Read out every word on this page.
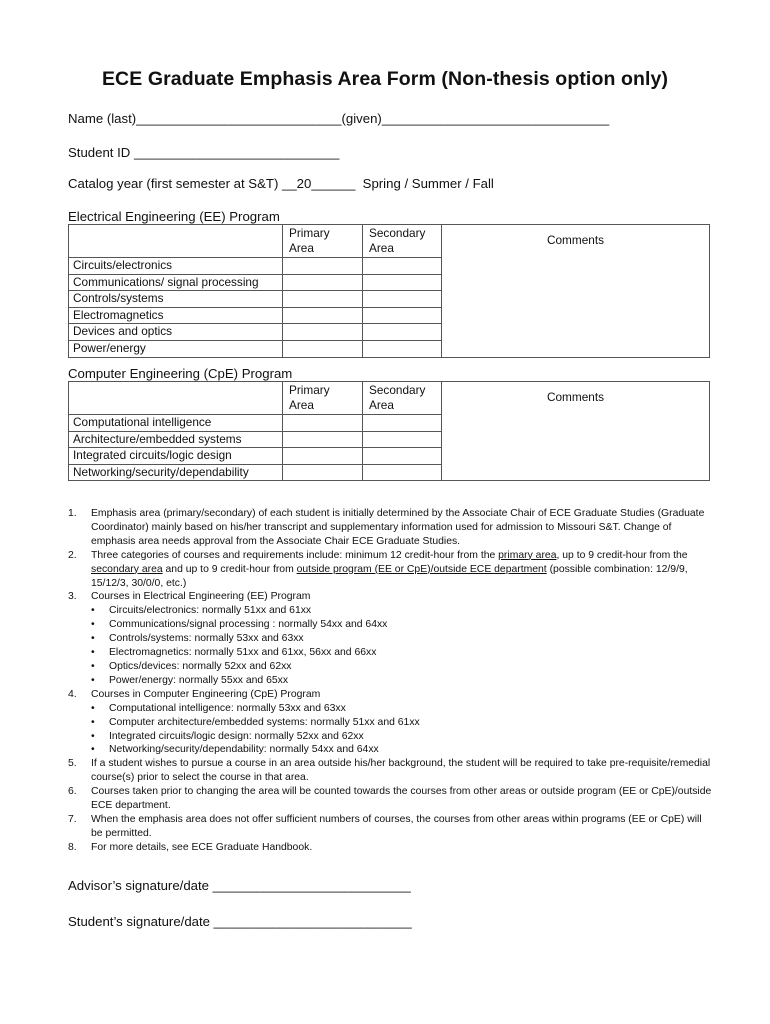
ECE Graduate Emphasis Area Form (Non-thesis option only)
Name (last)____________________________(given)_______________________________
Student ID ____________________________
Catalog year (first semester at S&T) __20______  Spring / Summer / Fall
Electrical Engineering (EE) Program
	Primary Area	Secondary Area	Comments
Circuits/electronics			
Communications/ signal processing			
Controls/systems			
Electromagnetics			
Devices and optics			
Power/energy			
Computer Engineering (CpE) Program
	Primary Area	Secondary Area	Comments
Computational intelligence			
Architecture/embedded systems			
Integrated circuits/logic design			
Networking/security/dependability			
1. Emphasis area (primary/secondary) of each student is initially determined by the Associate Chair of ECE Graduate Studies (Graduate Coordinator) mainly based on his/her transcript and supplementary information used for admission to Missouri S&T. Change of emphasis area needs approval from the Associate Chair ECE Graduate Studies.
2. Three categories of courses and requirements include: minimum 12 credit-hour from the primary area, up to 9 credit-hour from the secondary area and up to 9 credit-hour from outside program (EE or CpE)/outside ECE department (possible combination: 12/9/9, 15/12/3, 30/0/0, etc.)
3. Courses in Electrical Engineering (EE) Program
• Circuits/electronics: normally 51xx and 61xx
• Communications/signal processing : normally 54xx and 64xx
• Controls/systems: normally 53xx and 63xx
• Electromagnetics: normally 51xx and 61xx, 56xx and 66xx
• Optics/devices: normally 52xx and 62xx
• Power/energy: normally 55xx and 65xx
4. Courses in Computer Engineering (CpE) Program
• Computational intelligence: normally 53xx and 63xx
• Computer architecture/embedded systems: normally 51xx and 61xx
• Integrated circuits/logic design: normally 52xx and 62xx
• Networking/security/dependability: normally 54xx and 64xx
5. If a student wishes to pursue a course in an area outside his/her background, the student will be required to take pre-requisite/remedial course(s) prior to select the course in that area.
6. Courses taken prior to changing the area will be counted towards the courses from other areas or outside program (EE or CpE)/outside ECE department.
7. When the emphasis area does not offer sufficient numbers of courses, the courses from other areas within programs (EE or CpE) will be permitted.
8. For more details, see ECE Graduate Handbook.
Advisor’s signature/date ___________________________
Student’s signature/date ___________________________
